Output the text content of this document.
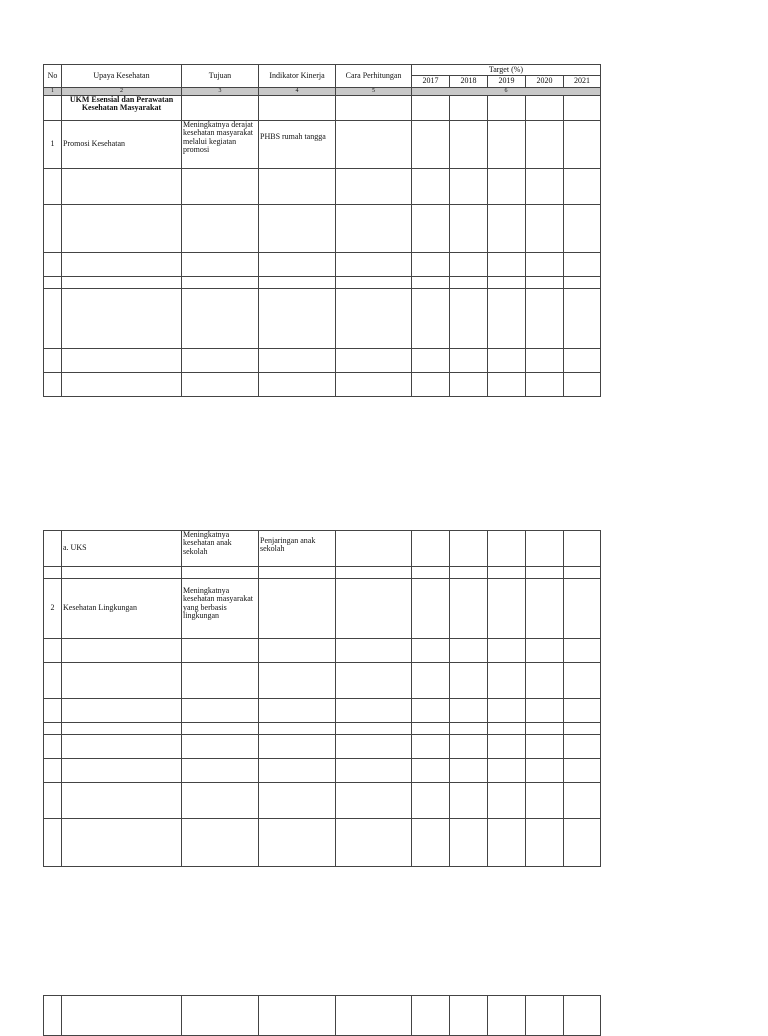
No	Upaya Kesehatan	Tujuan	Indikator Kinerja	Cara Perhitungan	Target (%)				
					2017	2018	2019	2020	2021
1	2	3	4	5	6				
	UKM Esensial dan Perawatan Kesehatan Masyarakat								
1	Promosi Kesehatan	Meningkatnya derajat kesehatan masyarakat melalui kegiatan promosi	PHBS rumah tangga						

	a. UKS	Meningkatnya kesehatan anak sekolah	Penjaringan anak sekolah						

2	Kesehatan Lingkungan	Meningkatnya kesehatan masyarakat yang berbasis lingkungan							
